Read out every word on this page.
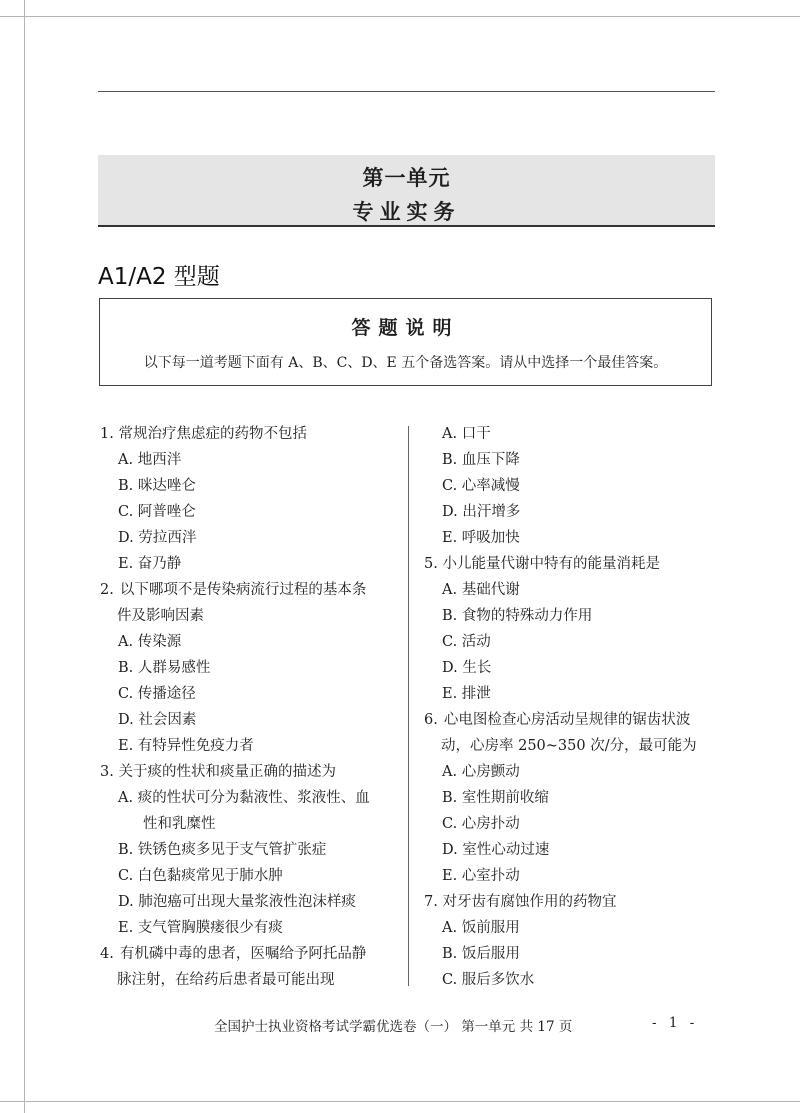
第一单元
专业实务
A1/A2 型题
答题说明
以下每一道考题下面有 A、B、C、D、E 五个备选答案。请从中选择一个最佳答案。
1. 常规治疗焦虑症的药物不包括
A. 地西泮
B. 咪达唑仑
C. 阿普唑仑
D. 劳拉西泮
E. 奋乃静
2. 以下哪项不是传染病流行过程的基本条
件及影响因素
A. 传染源
B. 人群易感性
C. 传播途径
D. 社会因素
E. 有特异性免疫力者
3. 关于痰的性状和痰量正确的描述为
A. 痰的性状可分为黏液性、浆液性、血
性和乳糜性
B. 铁锈色痰多见于支气管扩张症
C. 白色黏痰常见于肺水肿
D. 肺泡癌可出现大量浆液性泡沫样痰
E. 支气管胸膜瘘很少有痰
4. 有机磷中毒的患者，医嘱给予阿托品静
脉注射，在给药后患者最可能出现
A. 口干
B. 血压下降
C. 心率减慢
D. 出汗增多
E. 呼吸加快
5. 小儿能量代谢中特有的能量消耗是
A. 基础代谢
B. 食物的特殊动力作用
C. 活动
D. 生长
E. 排泄
6. 心电图检查心房活动呈规律的锯齿状波
动，心房率 250~350 次/分，最可能为
A. 心房颤动
B. 室性期前收缩
C. 心房扑动
D. 室性心动过速
E. 心室扑动
7. 对牙齿有腐蚀作用的药物宜
A. 饭前服用
B. 饭后服用
C. 服后多饮水
全国护士执业资格考试学霸优选卷（一） 第一单元 共 17 页	- 1 -
